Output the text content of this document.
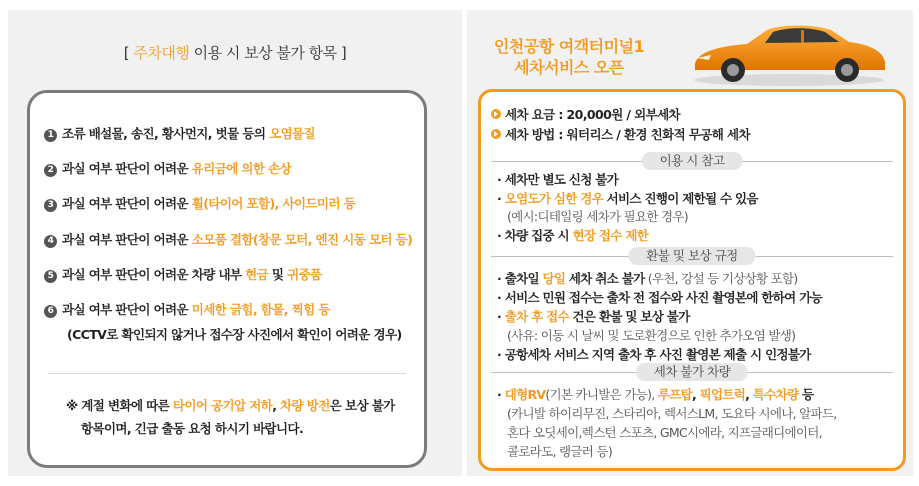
[ 주차대행 이용 시 보상 불가 항목 ]
1 조류 배설물, 송진, 황사먼지, 벗물 등의 오염물질
2 과실 여부 판단이 어려운 유리금에 의한 손상
3 과실 여부 판단이 어려운 휠(타이어 포함), 사이드미러 등
4 과실 여부 판단이 어려운 소모품 결함(창문 모터, 엔진 시동 모터 등)
5 과실 여부 판단이 어려운 차량 내부 현금 및 귀중품
6 과실 여부 판단이 어려운 미세한 긁힘, 함몰, 찍힘 등
(CCTV로 확인되지 않거나 접수장 사진에서 확인이 어려운 경우)
※ 계절 변화에 따른 타이어 공기압 저하, 차량 방전은 보상 불가
항목이며, 긴급 출동 요청 하시기 바랍니다.
인천공항 여객터미널1
세차서비스 오픈
세차 요금 : 20,000원 / 외부세차
세차 방법 : 워터리스 / 환경 친화적 무공해 세차
이용 시 참고
· 세차만 별도 신청 불가
· 오염도가 심한 경우 서비스 진행이 제한될 수 있음
(예시:디테일링 세차가 필요한 경우)
· 차량 집중 시 현장 접수 제한
환불 및 보상 규정
· 출차일 당일 세차 취소 불가 (우천, 강설 등 기상상황 포함)
· 서비스 민원 접수는 출차 전 접수와 사진 촬영본에 한하여 가능
· 출차 후 접수 건은 환불 및 보상 불가
(사유: 이동 시 날씨 및 도로환경으로 인한 추가오염 발생)
· 공항세차 서비스 지역 출차 후 사진 촬영본 제출 시 인정불가
세차 불가 차량
· 대형RV(기본 카니발은 가능), 루프탑, 픽업트럭, 특수차량 등
(카니발 하이리무진, 스타리아, 렉서스LM, 도요타 시에나, 알파드,
혼다 오딧세이,렉스턴 스포츠, GMC시에라, 지프글래디에이터,
콜로라도, 랭글러 등)
